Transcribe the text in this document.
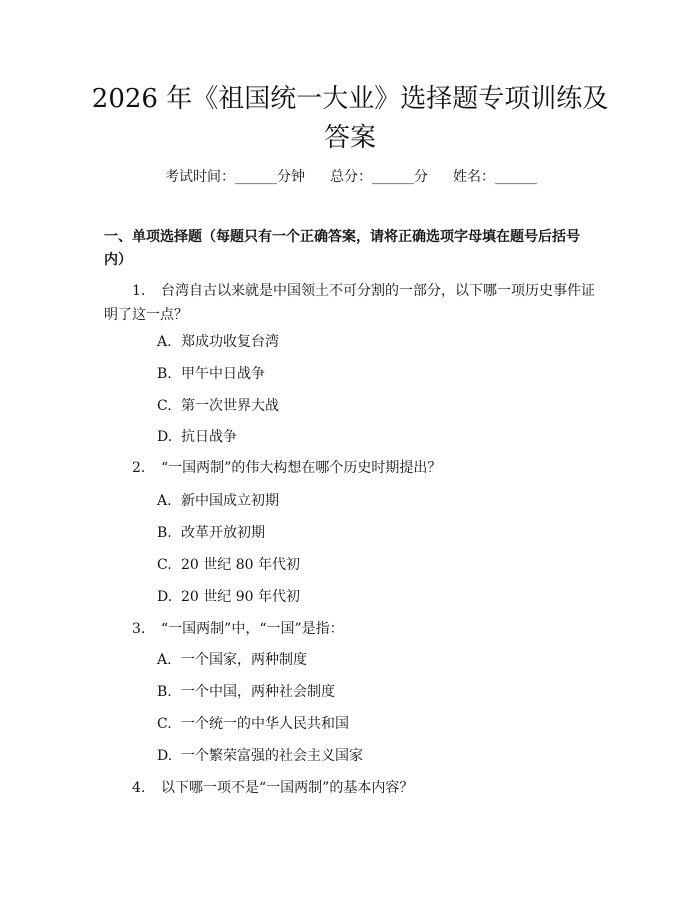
2026 年《祖国统一大业》选择题专项训练及
答案
考试时间：______分钟 总分：______分 姓名：______
一、单项选择题（每题只有一个正确答案，请将正确选项字母填在题号后括号内）
1. 台湾自古以来就是中国领土不可分割的一部分，以下哪一项历史事件证明了这一点？
A. 郑成功收复台湾
B. 甲午中日战争
C. 第一次世界大战
D. 抗日战争
2. “一国两制”的伟大构想在哪个历史时期提出？
A. 新中国成立初期
B. 改革开放初期
C. 20 世纪 80 年代初
D. 20 世纪 90 年代初
3. “一国两制”中，“一国”是指：
A. 一个国家，两种制度
B. 一个中国，两种社会制度
C. 一个统一的中华人民共和国
D. 一个繁荣富强的社会主义国家
4. 以下哪一项不是“一国两制”的基本内容？
